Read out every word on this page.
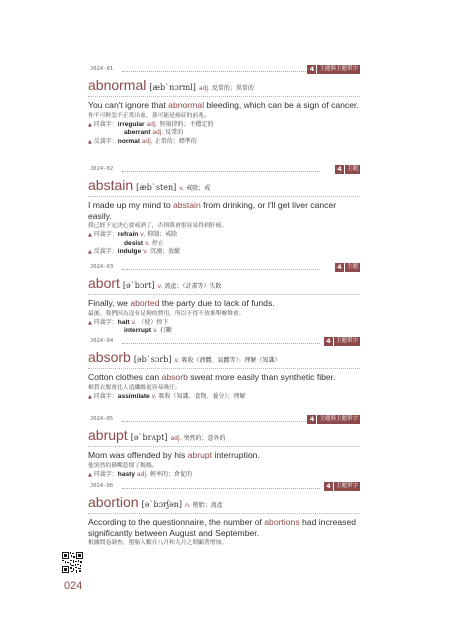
J024-01	4 主題與主題單字
abnormal [æbˋnɔrml] adj. 反常的；異常的
You can't ignore that abnormal bleeding, which can be a sign of cancer.
你不可輕忽不正常出血，那可能是癌症的前兆。
▲ 同義字：irregular adj. 無規律的；不穩定的
aberrant adj. 反常的
▲ 反義字：normal adj. 正常的；標準的
J024-02	4 主題
abstain [æbˋsten] v. 戒除；戒
I made up my mind to abstain from drinking, or I'll get liver cancer easily.
我已經下定決心要戒酒了，否則我會很容易得到肝癌。
▲ 同義字：refrain v. 抑制；戒除
desist v. 停止
▲ 反義字：indulge v. 沉溺；放縱
J024-03	4 主題
abort [əˋbɔrt] v. 流產；（計畫等）失敗
Finally, we aborted the party due to lack of funds.
最後，我們因為沒有足夠的費用，所以不得不放棄舉辦舞會。
▲ 同義字：halt v. （使）停下
interrupt v. 打斷
J024-04	4 主題單字
absorb [əbˋsɔrb] v. 吸收（液體、氣體等）；理解（知識）
Cotton clothes can absorb sweat more easily than synthetic fiber.
棉質衣服會比人造纖維更容易吸汗。
▲ 同義字：assimilate v. 吸收（知識、食物、養分）；理解
J024-05	4 主題與主題單字
abrupt [əˋbrʌpt] adj. 突然的；意外的
Mom was offended by his abrupt interruption.
他突然的插嘴惹惱了媽媽。
▲ 同義字：hasty adj. 輕率的；倉促的
J024-06	4 主題單字
abortion [əˋbɔrʃən] n. 墮胎；流產
According to the questionnaire, the number of abortions had increased significantly between August and September.
根據問卷調查，墮胎人數在八月和九月之間顯著增加。
024
